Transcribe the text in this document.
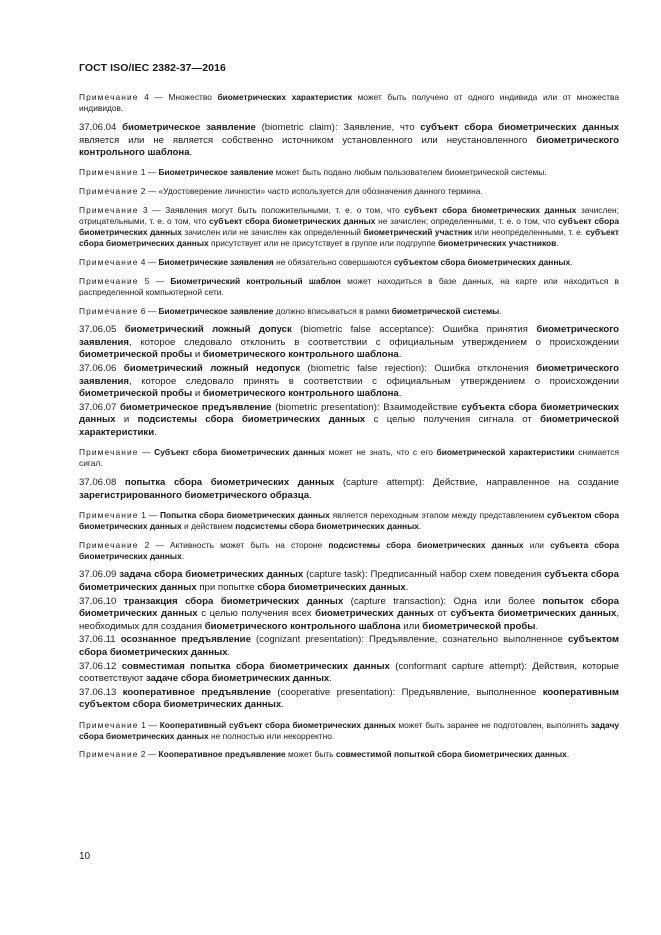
ГОСТ ISO/IEC 2382-37—2016
Примечание 4 — Множество биометрических характеристик может быть получено от одного индивида или от множества индивидов.
37.06.04 биометрическое заявление (biometric claim): Заявление, что субъект сбора биометрических данных является или не является собственно источником установленного или неустановленного биометрического контрольного шаблона.
Примечание 1 — Биометрическое заявление может быть подано любым пользователем биометрической системы.
Примечание 2 — «Удостоверение личности» часто используется для обозначения данного термина.
Примечание 3 — Заявления могут быть положительными, т. е. о том, что субъект сбора биометрических данных зачислен; отрицательными, т. е. о том, что субъект сбора биометрических данных не зачислен; определенными, т. е. о том, что субъект сбора биометрических данных зачислен или не зачислен как определенный биометрический участник или неопределенными, т. е. субъект сбора биометрических данных присутствует или не присутствует в группе или подгруппе биометрических участников.
Примечание 4 — Биометрические заявления не обязательно совершаются субъектом сбора биометрических данных.
Примечание 5 — Биометрический контрольный шаблон может находиться в базе данных, на карте или находиться в распределенной компьютерной сети.
Примечание 6 — Биометрическое заявление должно вписываться в рамки биометрической системы.
37.06.05 биометрический ложный допуск (biometric false acceptance): Ошибка принятия биометрического заявления, которое следовало отклонить в соответствии с официальным утверждением о происхождении биометрической пробы и биометрического контрольного шаблона.
37.06.06 биометрический ложный недопуск (biometric false rejection): Ошибка отклонения биометрического заявления, которое следовало принять в соответствии с официальным утверждением о происхождении биометрической пробы и биометрического контрольного шаблона.
37.06.07 биометрическое предъявление (biometric presentation): Взаимодействие субъекта сбора биометрических данных и подсистемы сбора биометрических данных с целью получения сигнала от биометрической характеристики.
Примечание — Субъект сбора биометрических данных может не знать, что с его биометрической характеристики снимается сигал.
37.06.08 попытка сбора биометрических данных (capture attempt): Действие, направленное на создание зарегистрированного биометрического образца.
Примечание 1 — Попытка сбора биометрических данных является переходным этапом между представлением субъектом сбора биометрических данных и действием подсистемы сбора биометрических данных.
Примечание 2 — Активность может быть на стороне подсистемы сбора биометрических данных или субъекта сбора биометрических данных.
37.06.09 задача сбора биометрических данных (capture task): Предписанный набор схем поведения субъекта сбора биометрических данных при попытке сбора биометрических данных.
37.06.10 транзакция сбора биометрических данных (capture transaction): Одна или более попыток сбора биометрических данных с целью получения всех биометрических данных от субъекта биометрических данных, необходимых для создания биометрического контрольного шаблона или биометрической пробы.
37.06.11 осознанное предъявление (cognizant presentation): Предъявление, сознательно выполненное субъектом сбора биометрических данных.
37.06.12 совместимая попытка сбора биометрических данных (conformant capture attempt): Действия, которые соответствуют задаче сбора биометрических данных.
37.06.13 кооперативное предъявление (cooperative presentation): Предъявление, выполненное кооперативным субъектом сбора биометрических данных.
Примечание 1 — Кооперативный субъект сбора биометрических данных может быть заранее не подготовлен, выполнять задачу сбора биометрических данных не полностью или некорректно.
Примечание 2 — Кооперативное предъявление может быть совместимой попыткой сбора биометрических данных.
10
